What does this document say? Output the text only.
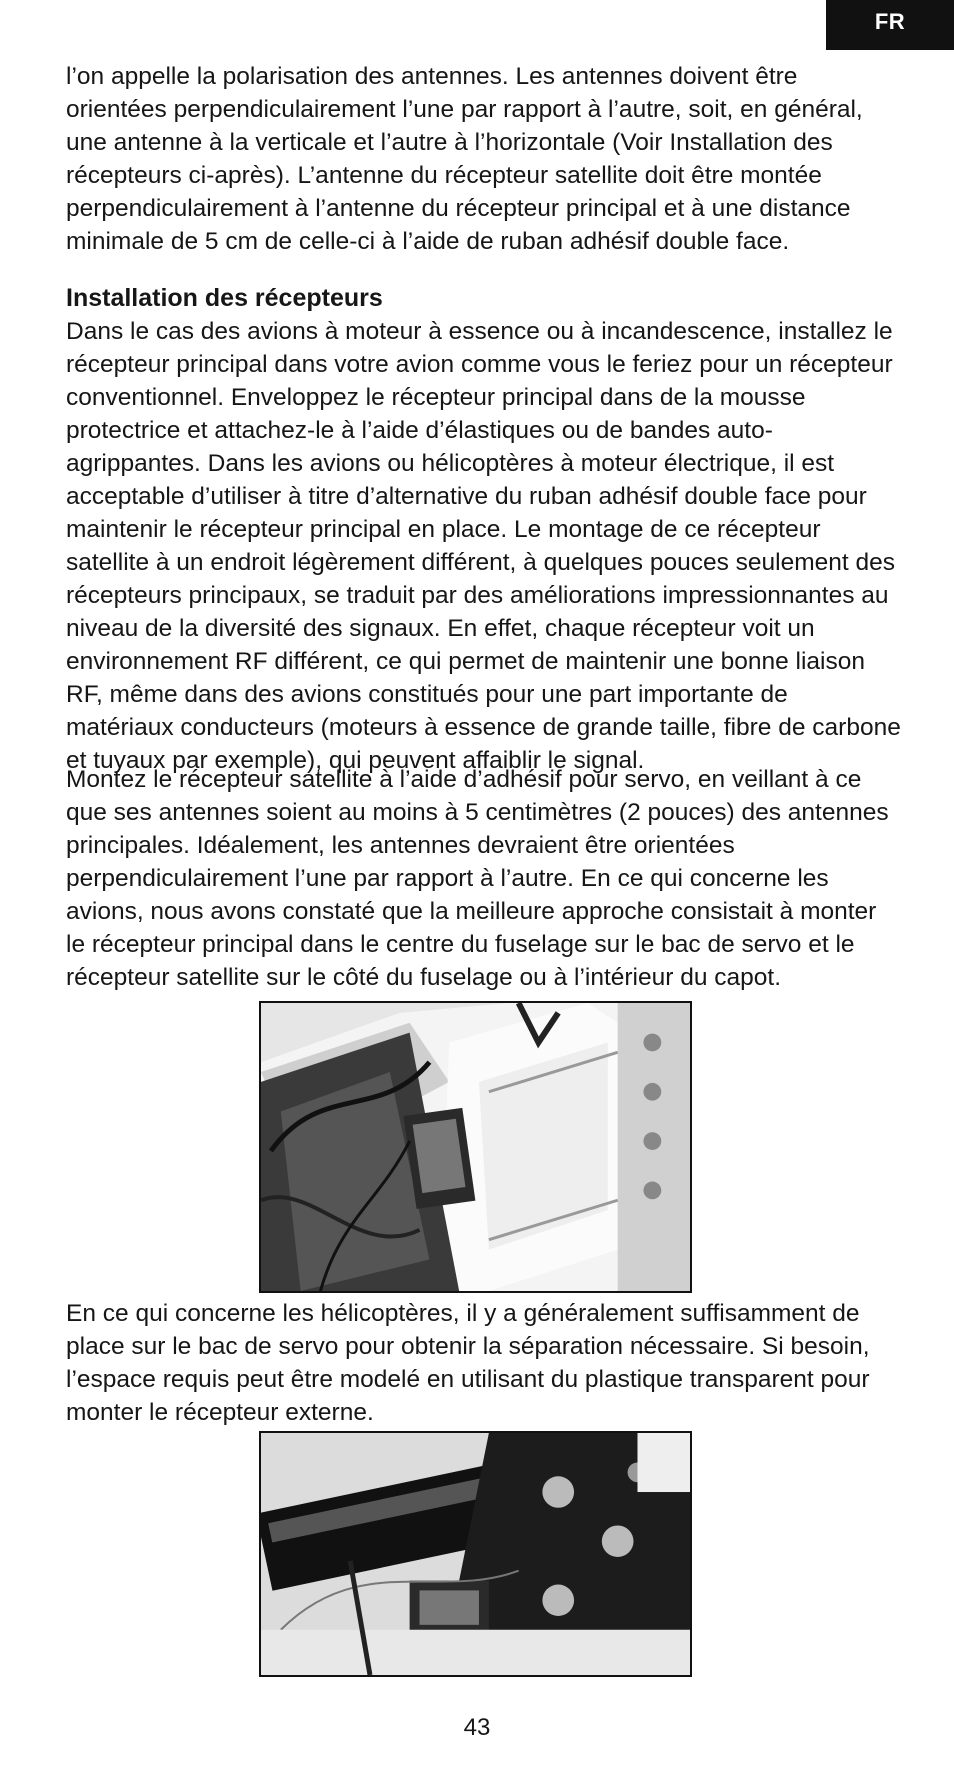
FR

l’on appelle la polarisation des antennes. Les antennes doivent être orientées perpendiculairement l’une par rapport à l’autre, soit, en général, une antenne à la verticale et l’autre à l’horizontale (Voir Installation des récepteurs ci-après). L’antenne du récepteur satellite doit être montée perpendiculairement à l’antenne du récepteur principal et à une distance minimale de 5 cm de celle-ci à l’aide de ruban adhésif double face.

Installation des récepteurs

Dans le cas des avions à moteur à essence ou à incandescence, installez le récepteur principal dans votre avion comme vous le feriez pour un récepteur conventionnel. Enveloppez le récepteur principal dans de la mousse protectrice et attachez-le à l’aide d’élastiques ou de bandes auto-agrippantes. Dans les avions ou hélicoptères à moteur électrique, il est acceptable d’utiliser à titre d’alternative du ruban adhésif double face pour maintenir le récepteur principal en place. Le montage de ce récepteur satellite à un endroit légèrement différent, à quelques pouces seulement des récepteurs principaux, se traduit par des améliorations impressionnantes au niveau de la diversité des signaux. En effet, chaque récepteur voit un environnement RF différent, ce qui permet de maintenir une bonne liaison RF, même dans des avions constitués pour une part importante de matériaux conducteurs (moteurs à essence de grande taille, fibre de carbone et tuyaux par exemple), qui peuvent affaiblir le signal.

Montez le récepteur satellite à l’aide d’adhésif pour servo, en veillant à ce que ses antennes soient au moins à 5 centimètres (2 pouces) des antennes principales. Idéalement, les antennes devraient être orientées perpendiculairement l’une par rapport à l’autre. En ce qui concerne les avions, nous avons constaté que la meilleure approche consistait à monter le récepteur principal dans le centre du fuselage sur le bac de servo et le récepteur satellite sur le côté du fuselage ou à l’intérieur du capot.

En ce qui concerne les hélicoptères, il y a généralement suffisamment de place sur le bac de servo pour obtenir la séparation nécessaire. Si besoin, l’espace requis peut être modelé en utilisant du plastique transparent pour monter le récepteur externe.

43
